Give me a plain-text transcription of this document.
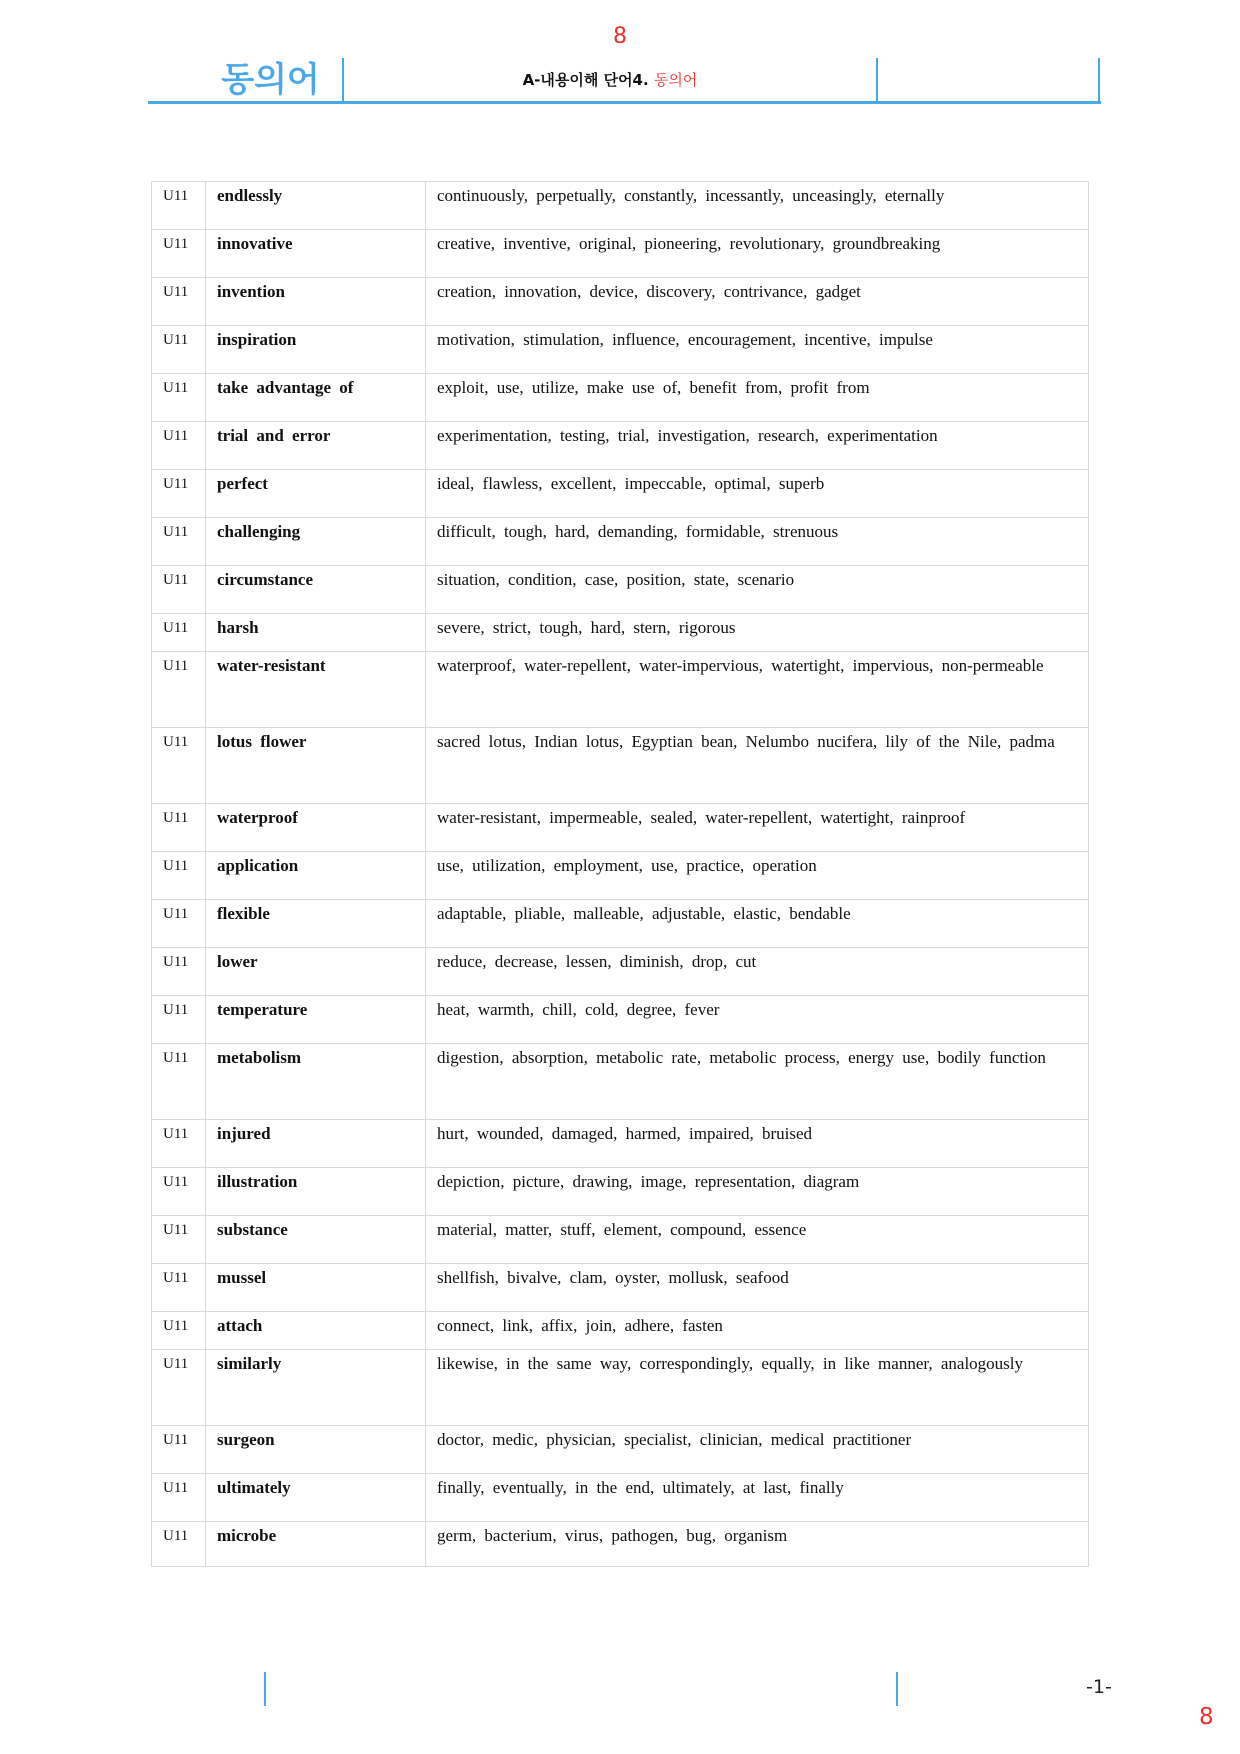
8
동의어	A-내용이해 단어4. 동의어
U11	endlessly	continuously, perpetually, constantly, incessantly, unceasingly, eternally
U11	innovative	creative, inventive, original, pioneering, revolutionary, groundbreaking
U11	invention	creation, innovation, device, discovery, contrivance, gadget
U11	inspiration	motivation, stimulation, influence, encouragement, incentive, impulse
U11	take advantage of	exploit, use, utilize, make use of, benefit from, profit from
U11	trial and error	experimentation, testing, trial, investigation, research, experimentation
U11	perfect	ideal, flawless, excellent, impeccable, optimal, superb
U11	challenging	difficult, tough, hard, demanding, formidable, strenuous
U11	circumstance	situation, condition, case, position, state, scenario
U11	harsh	severe, strict, tough, hard, stern, rigorous
U11	water-resistant	waterproof, water-repellent, water-impervious, watertight, impervious, non-permeable
U11	lotus flower	sacred lotus, Indian lotus, Egyptian bean, Nelumbo nucifera, lily of the Nile, padma
U11	waterproof	water-resistant, impermeable, sealed, water-repellent, watertight, rainproof
U11	application	use, utilization, employment, use, practice, operation
U11	flexible	adaptable, pliable, malleable, adjustable, elastic, bendable
U11	lower	reduce, decrease, lessen, diminish, drop, cut
U11	temperature	heat, warmth, chill, cold, degree, fever
U11	metabolism	digestion, absorption, metabolic rate, metabolic process, energy use, bodily function
U11	injured	hurt, wounded, damaged, harmed, impaired, bruised
U11	illustration	depiction, picture, drawing, image, representation, diagram
U11	substance	material, matter, stuff, element, compound, essence
U11	mussel	shellfish, bivalve, clam, oyster, mollusk, seafood
U11	attach	connect, link, affix, join, adhere, fasten
U11	similarly	likewise, in the same way, correspondingly, equally, in like manner, analogously
U11	surgeon	doctor, medic, physician, specialist, clinician, medical practitioner
U11	ultimately	finally, eventually, in the end, ultimately, at last, finally
U11	microbe	germ, bacterium, virus, pathogen, bug, organism
-1-
8
